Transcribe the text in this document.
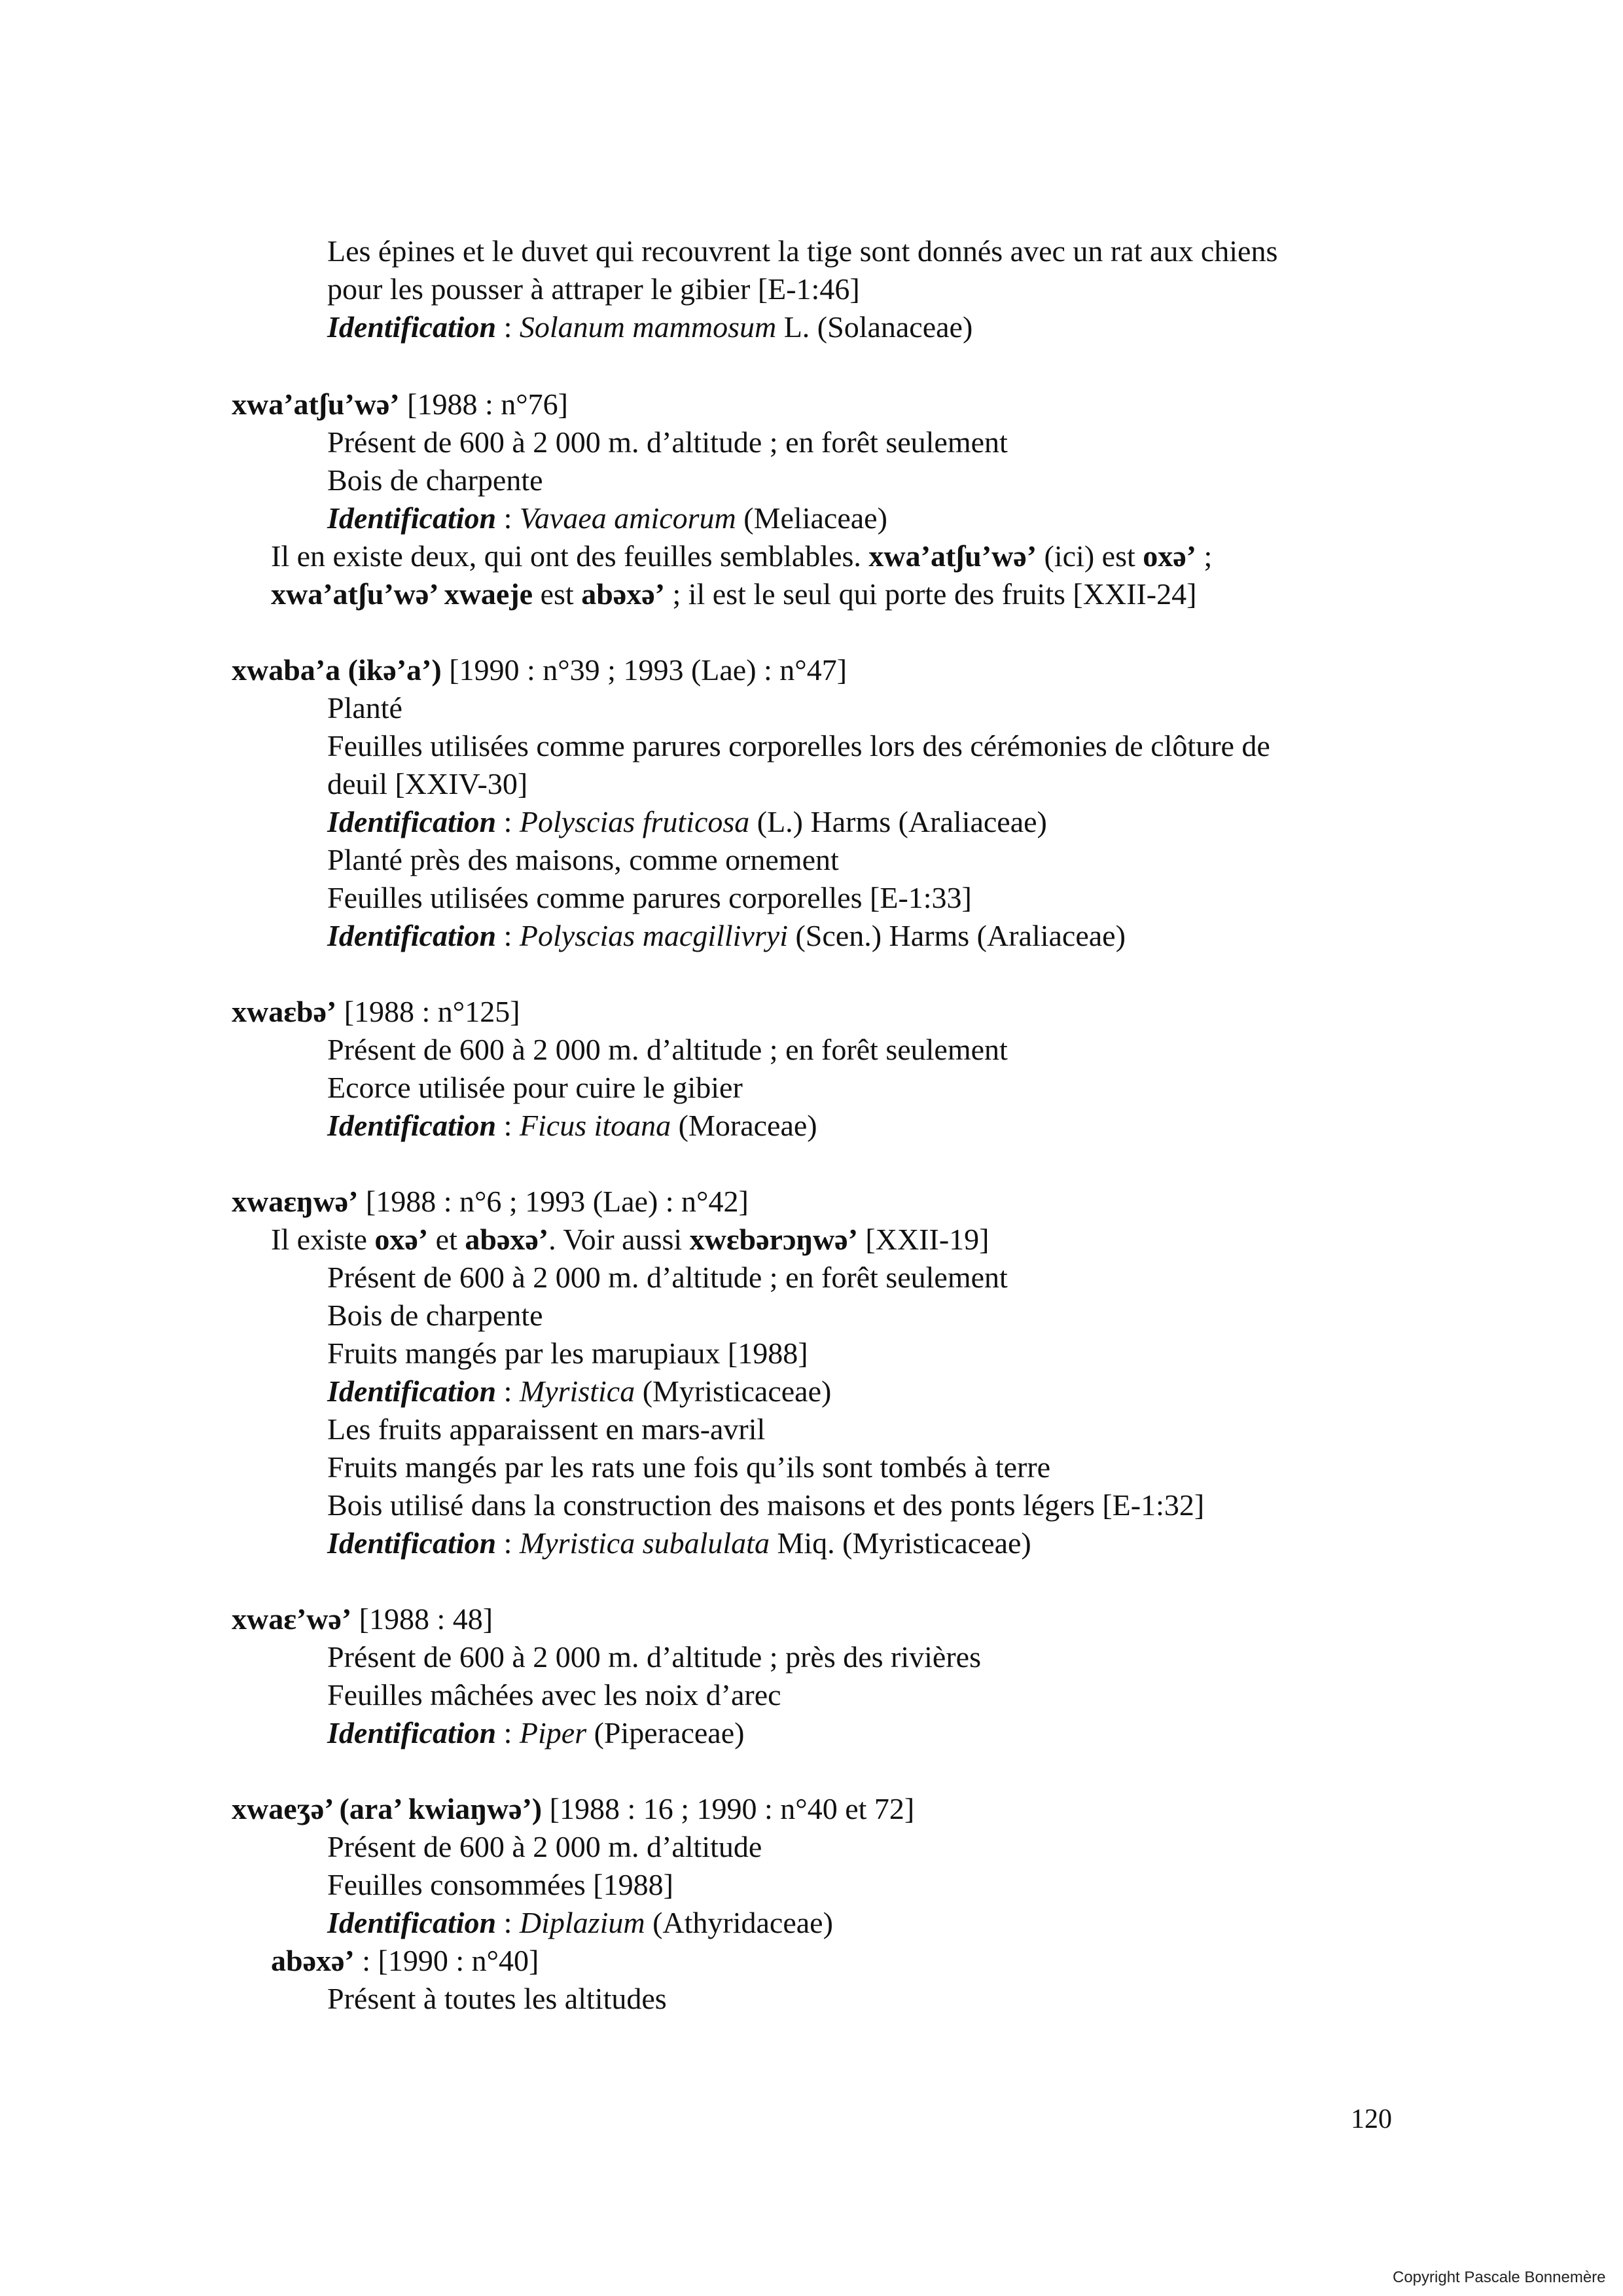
Les épines et le duvet qui recouvrent la tige sont donnés avec un rat aux chiens
pour les pousser à attraper le gibier [E-1:46]
Identification : Solanum mammosum L. (Solanaceae)
xwa’atʃu’wə’ [1988 : n°76]
Présent de 600 à 2 000 m. d’altitude ; en forêt seulement
Bois de charpente
Identification : Vavaea amicorum (Meliaceae)
Il en existe deux, qui ont des feuilles semblables. xwa’atʃu’wə’ (ici) est oxə’ ;
xwa’atʃu’wə’ xwaeje est abəxə’ ; il est le seul qui porte des fruits [XXII-24]
xwaba’a (ikə’a’) [1990 : n°39 ; 1993 (Lae) : n°47]
Planté
Feuilles utilisées comme parures corporelles lors des cérémonies de clôture de
deuil [XXIV-30]
Identification : Polyscias fruticosa (L.) Harms (Araliaceae)
Planté près des maisons, comme ornement
Feuilles utilisées comme parures corporelles [E-1:33]
Identification : Polyscias macgillivryi (Scen.) Harms (Araliaceae)
xwaɛbə’ [1988 : n°125]
Présent de 600 à 2 000 m. d’altitude ; en forêt seulement
Ecorce utilisée pour cuire le gibier
Identification : Ficus itoana (Moraceae)
xwaɛŋwə’ [1988 : n°6 ; 1993 (Lae) : n°42]
Il existe oxə’ et abəxə’. Voir aussi xwɛbərɔŋwə’ [XXII-19]
Présent de 600 à 2 000 m. d’altitude ; en forêt seulement
Bois de charpente
Fruits mangés par les marupiaux [1988]
Identification : Myristica (Myristicaceae)
Les fruits apparaissent en mars-avril
Fruits mangés par les rats une fois qu’ils sont tombés à terre
Bois utilisé dans la construction des maisons et des ponts légers [E-1:32]
Identification : Myristica subalulata Miq. (Myristicaceae)
xwaɛ’wə’ [1988 : 48]
Présent de 600 à 2 000 m. d’altitude ; près des rivières
Feuilles mâchées avec les noix d’arec
Identification : Piper (Piperaceae)
xwaeʒə’ (ara’ kwiaŋwə’) [1988 : 16 ; 1990 : n°40 et 72]
Présent de 600 à 2 000 m. d’altitude
Feuilles consommées [1988]
Identification : Diplazium (Athyridaceae)
abəxə’ : [1990 : n°40]
Présent à toutes les altitudes
120
Copyright Pascale Bonnemère
